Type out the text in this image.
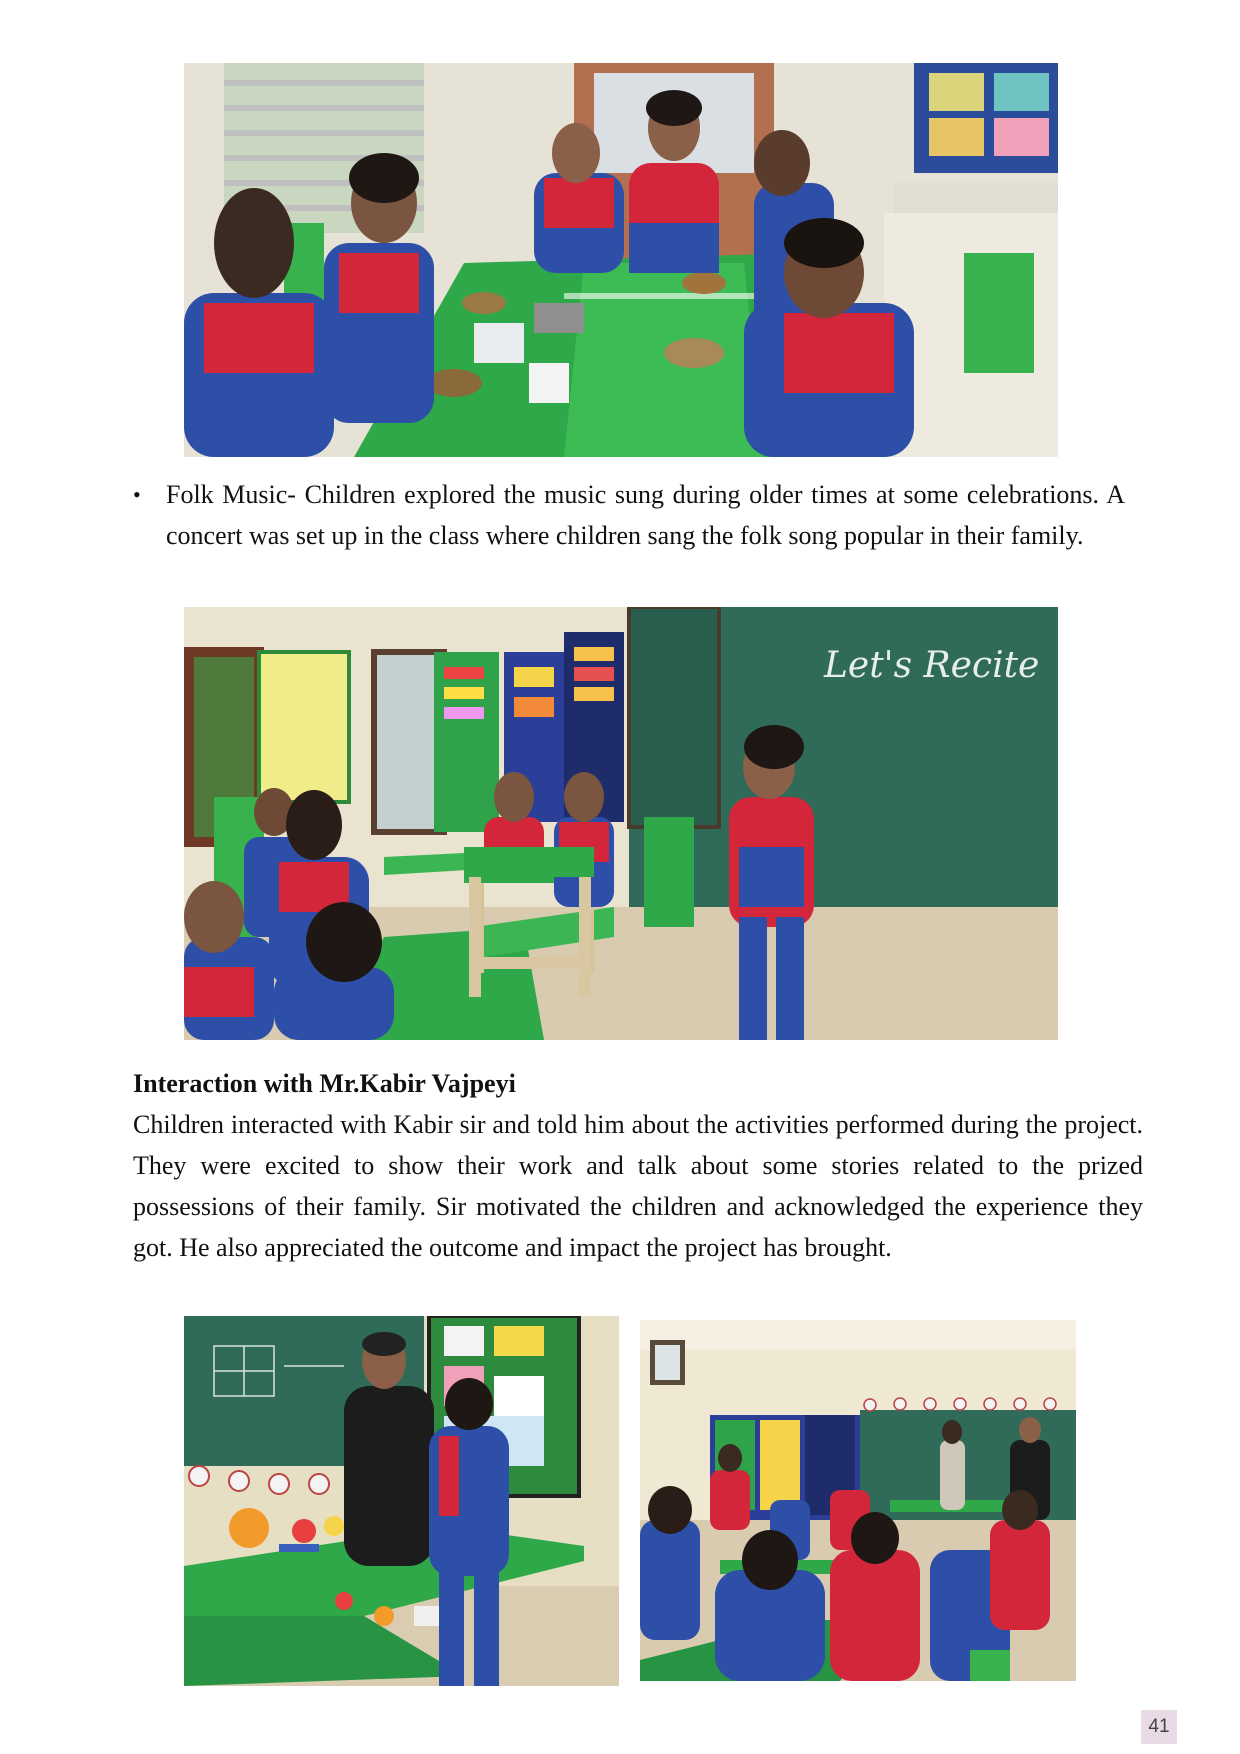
• Folk Music- Children explored the music sung during older times at some celebrations. A concert was set up in the class where children sang the folk song popular in their family.
Let's Recite
Interaction with Mr.Kabir Vajpeyi

Children interacted with Kabir sir and told him about the activities performed during the project. They were excited to show their work and talk about some stories related to the prized possessions of their family. Sir motivated the children and acknowledged the experience they got. He also appreciated the outcome and impact the project has brought.

41
